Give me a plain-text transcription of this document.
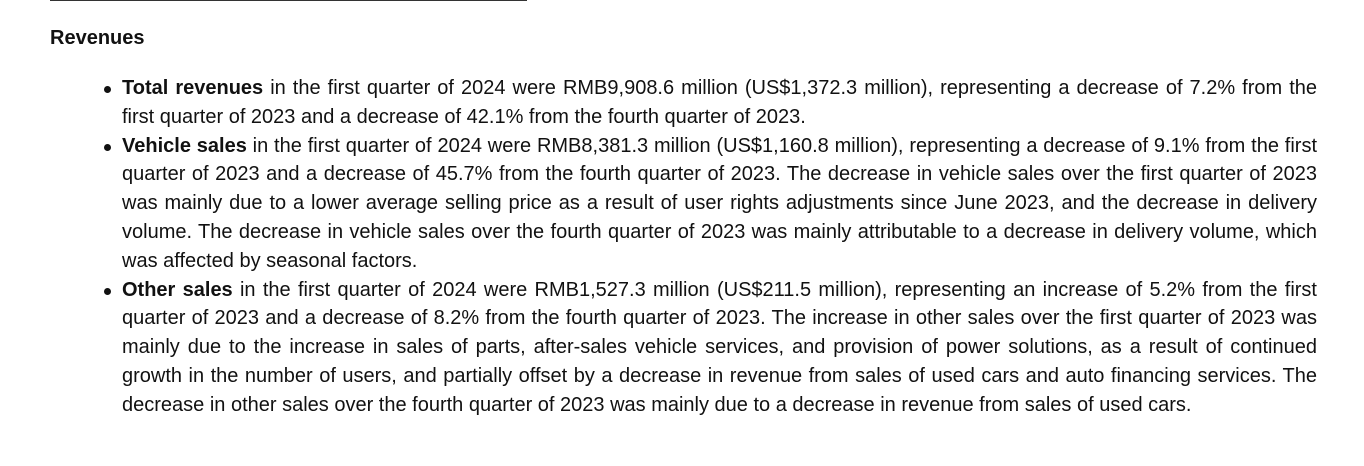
Revenues
Total revenues in the first quarter of 2024 were RMB9,908.6 million (US$1,372.3 million), representing a decrease of 7.2% from the first quarter of 2023 and a decrease of 42.1% from the fourth quarter of 2023.
Vehicle sales in the first quarter of 2024 were RMB8,381.3 million (US$1,160.8 million), representing a decrease of 9.1% from the first quarter of 2023 and a decrease of 45.7% from the fourth quarter of 2023. The decrease in vehicle sales over the first quarter of 2023 was mainly due to a lower average selling price as a result of user rights adjustments since June 2023, and the decrease in delivery volume. The decrease in vehicle sales over the fourth quarter of 2023 was mainly attributable to a decrease in delivery volume, which was affected by seasonal factors.
Other sales in the first quarter of 2024 were RMB1,527.3 million (US$211.5 million), representing an increase of 5.2% from the first quarter of 2023 and a decrease of 8.2% from the fourth quarter of 2023. The increase in other sales over the first quarter of 2023 was mainly due to the increase in sales of parts, after-sales vehicle services, and provision of power solutions, as a result of continued growth in the number of users, and partially offset by a decrease in revenue from sales of used cars and auto financing services. The decrease in other sales over the fourth quarter of 2023 was mainly due to a decrease in revenue from sales of used cars.
